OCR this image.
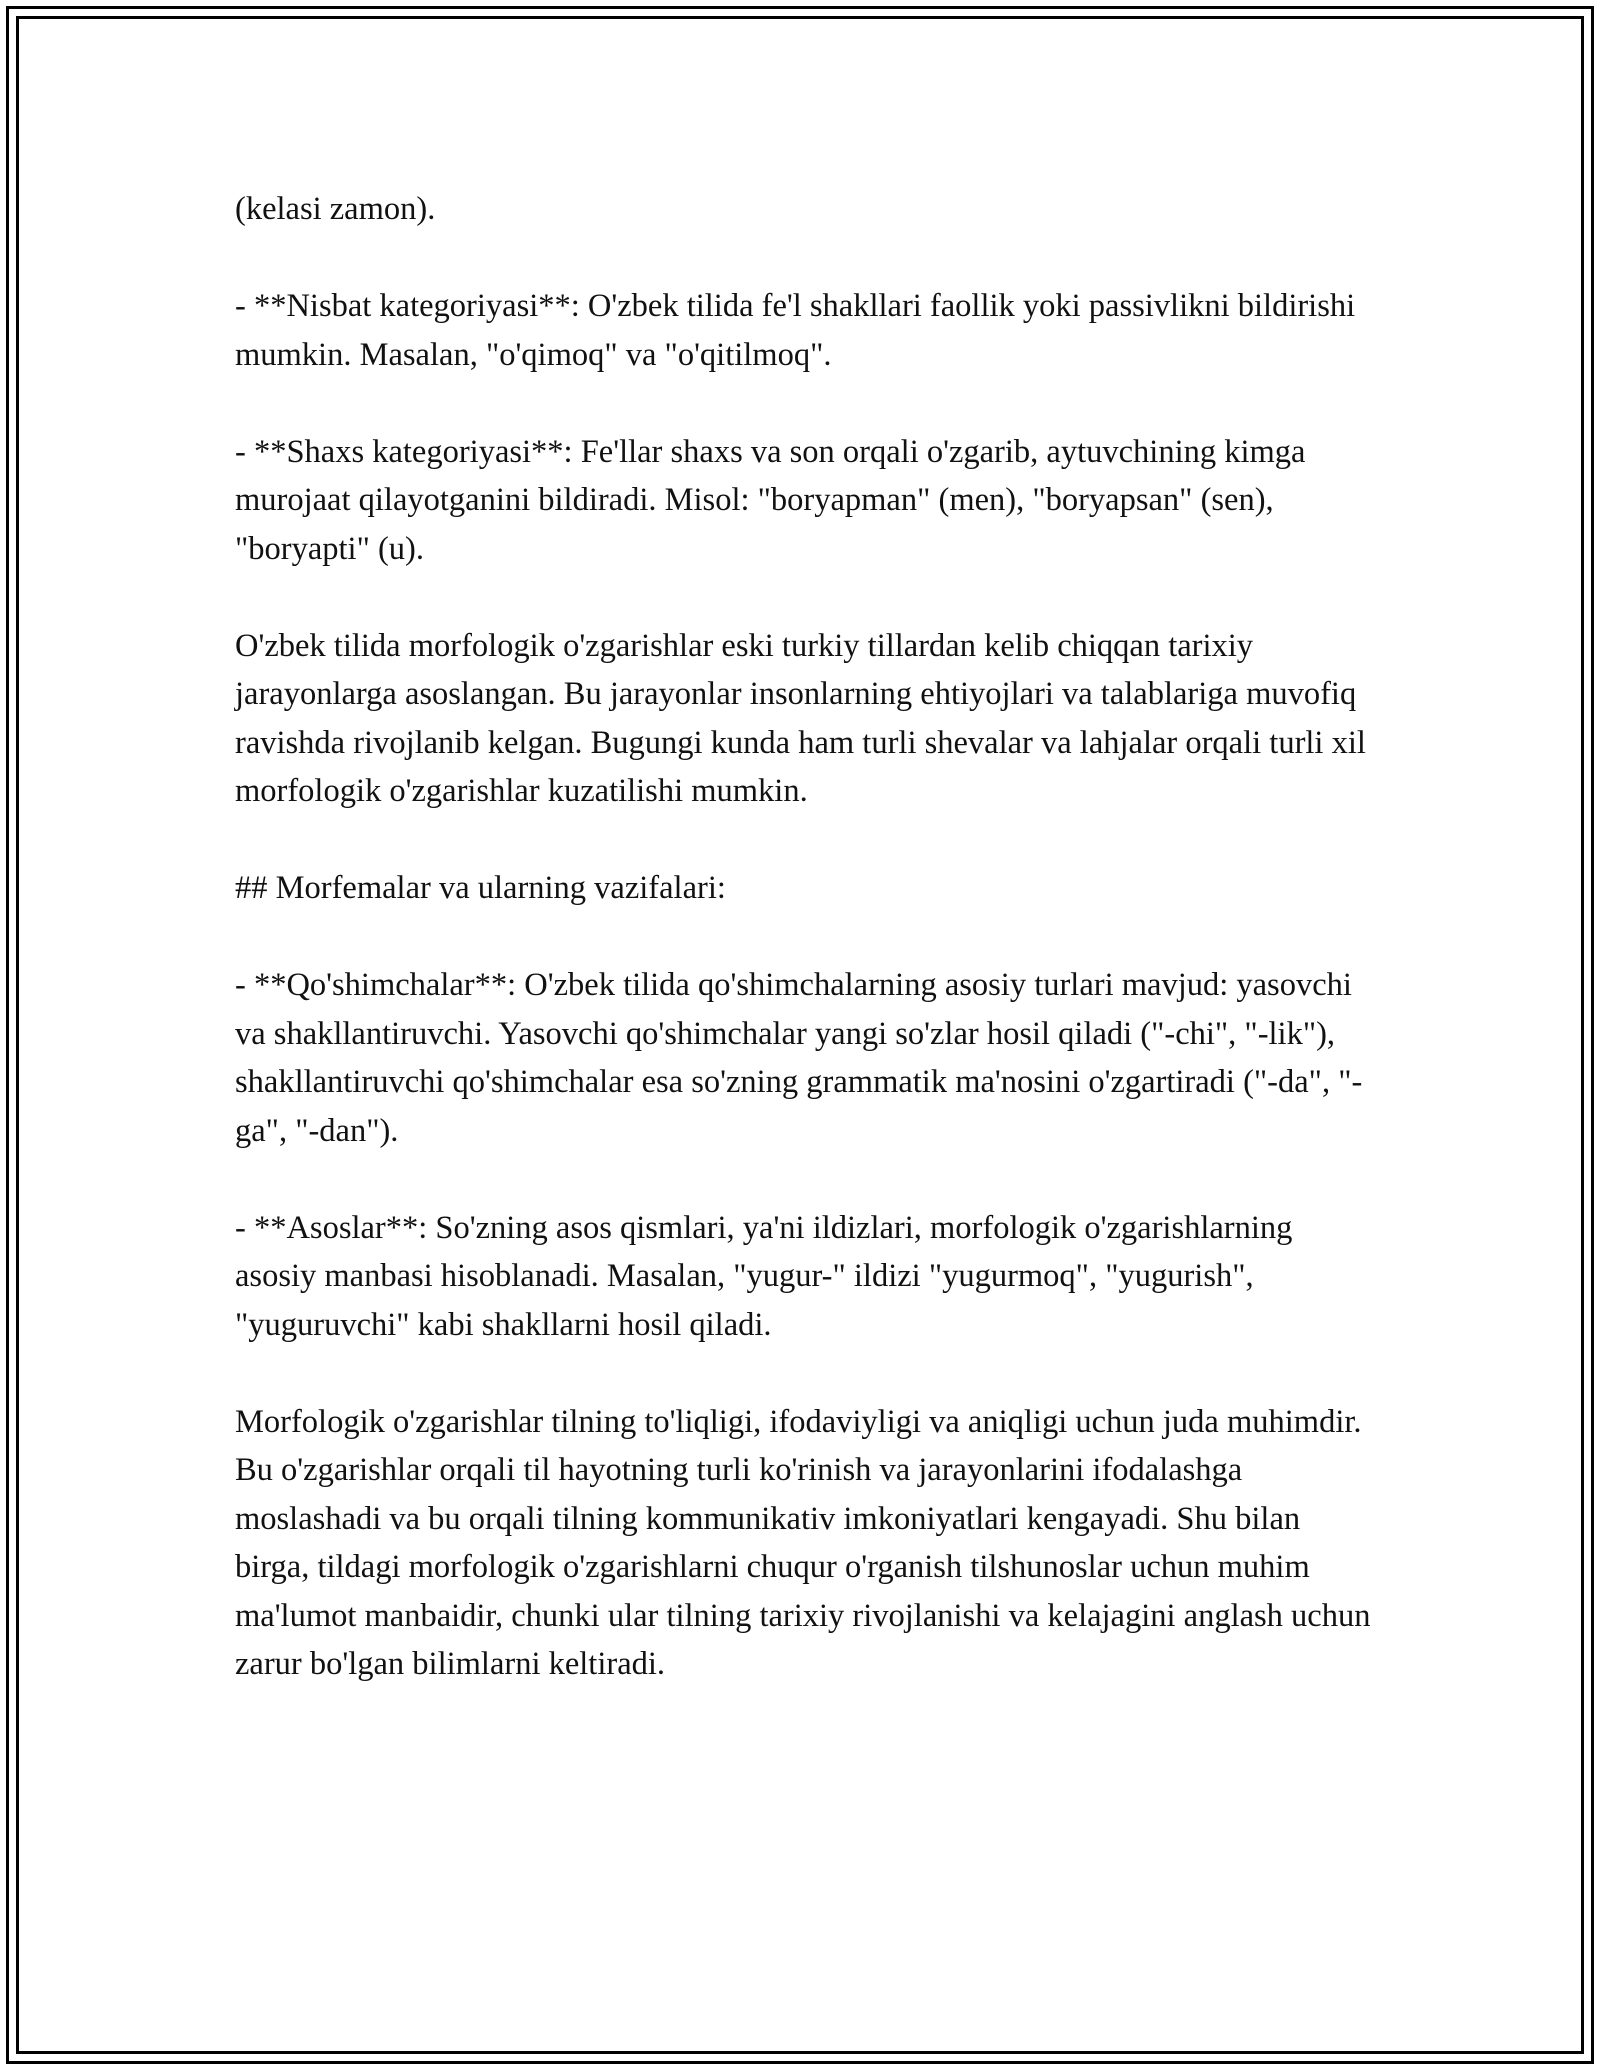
(kelasi zamon).

- **Nisbat kategoriyasi**: O'zbek tilida fe'l shakllari faollik yoki passivlikni bildirishi mumkin. Masalan, "o'qimoq" va "o'qitilmoq".

- **Shaxs kategoriyasi**: Fe'llar shaxs va son orqali o'zgarib, aytuvchining kimga murojaat qilayotganini bildiradi. Misol: "boryapman" (men), "boryapsan" (sen), "boryapti" (u).

O'zbek tilida morfologik o'zgarishlar eski turkiy tillardan kelib chiqqan tarixiy jarayonlarga asoslangan. Bu jarayonlar insonlarning ehtiyojlari va talablariga muvofiq ravishda rivojlanib kelgan. Bugungi kunda ham turli shevalar va lahjalar orqali turli xil morfologik o'zgarishlar kuzatilishi mumkin.

## Morfemalar va ularning vazifalari:

- **Qo'shimchalar**: O'zbek tilida qo'shimchalarning asosiy turlari mavjud: yasovchi va shakllantiruvchi. Yasovchi qo'shimchalar yangi so'zlar hosil qiladi ("-chi", "-lik"), shakllantiruvchi qo'shimchalar esa so'zning grammatik ma'nosini o'zgartiradi ("-da", "-ga", "-dan").

- **Asoslar**: So'zning asos qismlari, ya'ni ildizlari, morfologik o'zgarishlarning asosiy manbasi hisoblanadi. Masalan, "yugur-" ildizi "yugurmoq", "yugurish", "yuguruvchi" kabi shakllarni hosil qiladi.

Morfologik o'zgarishlar tilning to'liqligi, ifodaviyligi va aniqligi uchun juda muhimdir. Bu o'zgarishlar orqali til hayotning turli ko'rinish va jarayonlarini ifodalashga moslashadi va bu orqali tilning kommunikativ imkoniyatlari kengayadi. Shu bilan birga, tildagi morfologik o'zgarishlarni chuqur o'rganish tilshunoslar uchun muhim ma'lumot manbaidir, chunki ular tilning tarixiy rivojlanishi va kelajagini anglash uchun zarur bo'lgan bilimlarni keltiradi.
